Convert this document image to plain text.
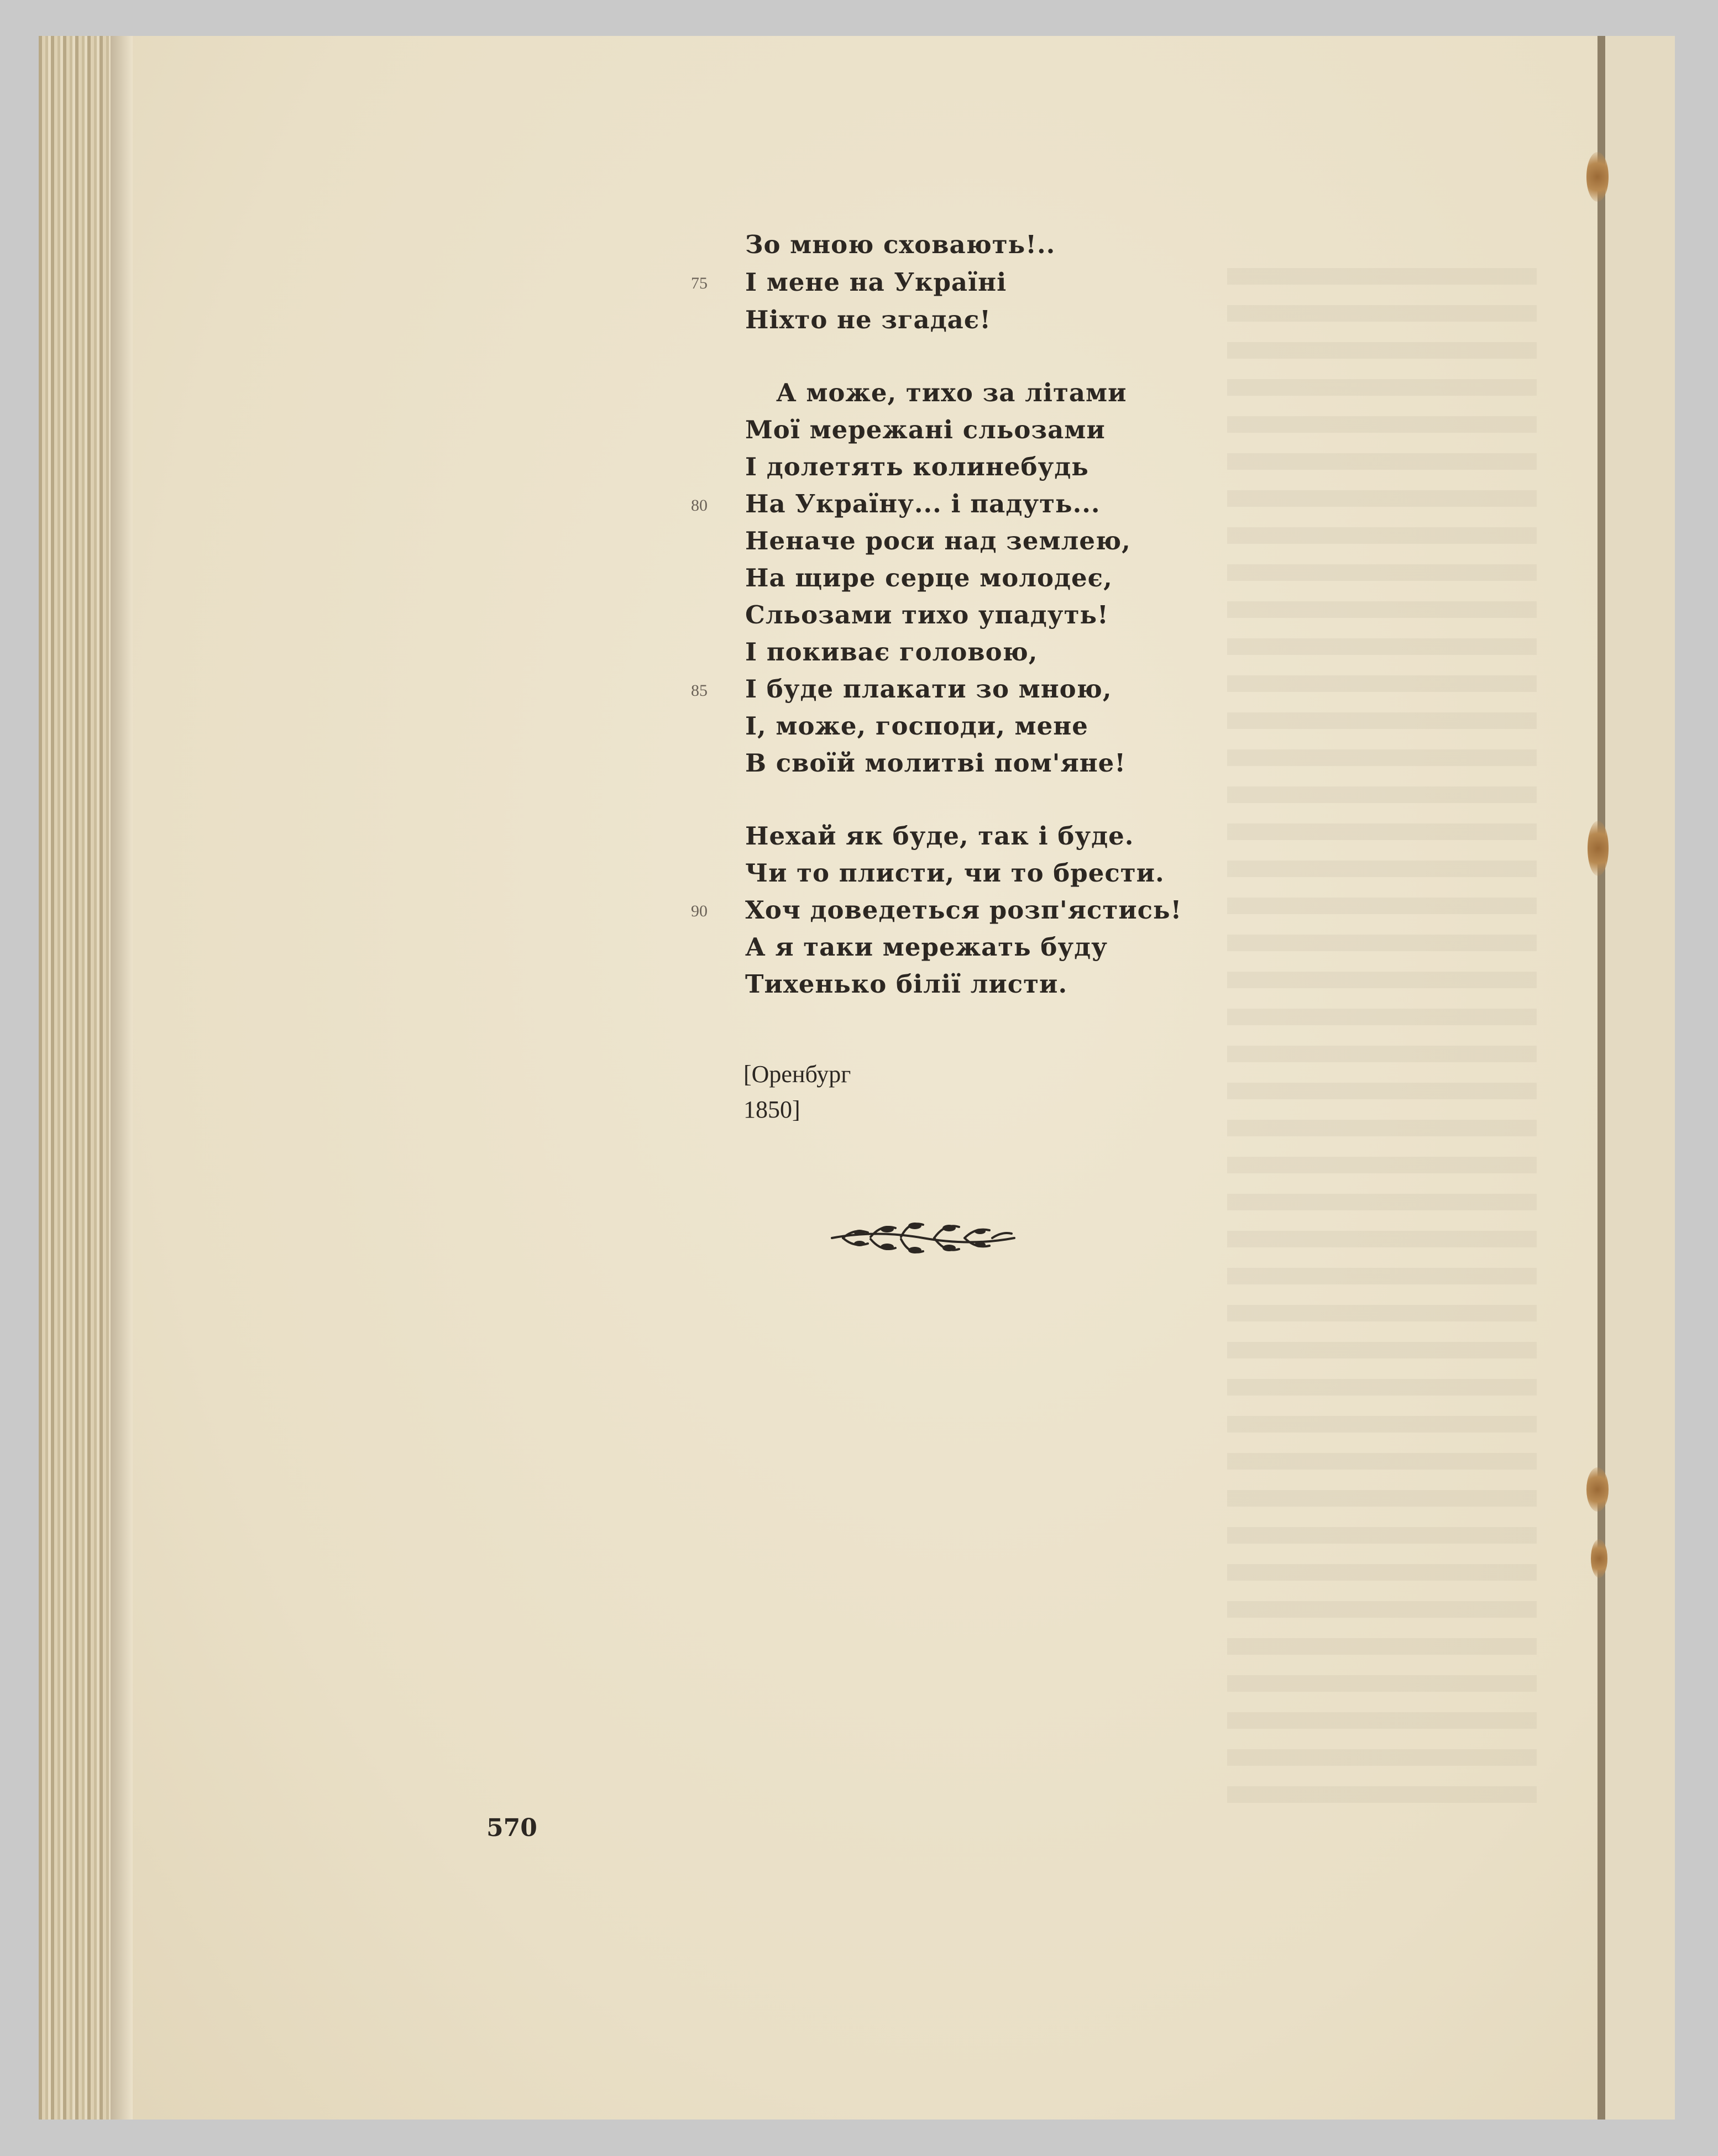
Зо мною сховають!..
75 І мене на Україні
Ніхто не згадає!
А може, тихо за літами
Мої мережані сльозами
І долетять колинебудь
80 На Україну... і падуть...
Неначе роси над землею,
На щире серце молодеє,
Сльозами тихо упадуть!
І покиває головою,
85 І буде плакати зо мною,
І, може, господи, мене
В своїй молитві пом'яне!
Нехай як буде, так і буде.
Чи то плисти, чи то брести.
90 Хоч доведеться розп'ястись!
А я таки мережать буду
Тихенько білії листи.
[Оренбург
1850]
570
